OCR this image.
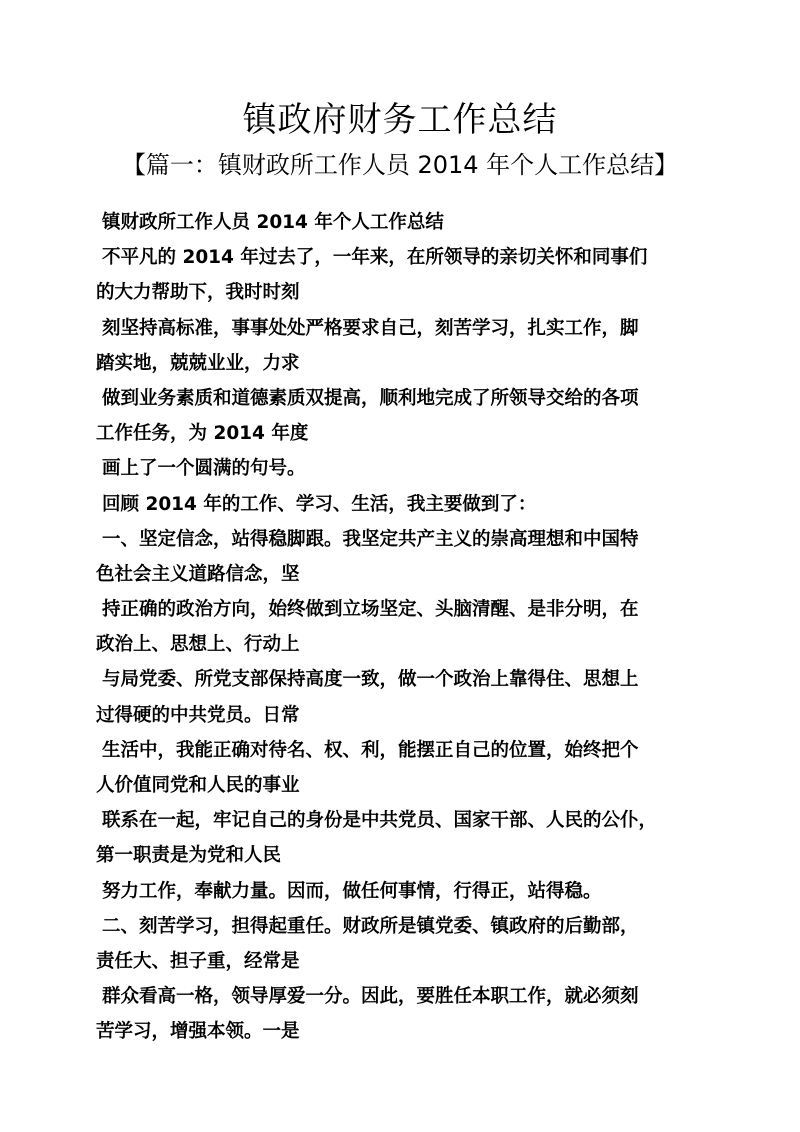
镇政府财务工作总结
【篇一：镇财政所工作人员 2014 年个人工作总结】
镇财政所工作人员 2014 年个人工作总结
不平凡的 2014 年过去了，一年来，在所领导的亲切关怀和同事们
的大力帮助下，我时时刻
刻坚持高标准，事事处处严格要求自己，刻苦学习，扎实工作，脚
踏实地，兢兢业业，力求
做到业务素质和道德素质双提高，顺利地完成了所领导交给的各项
工作任务，为 2014 年度
画上了一个圆满的句号。
回顾 2014 年的工作、学习、生活，我主要做到了：
一、坚定信念，站得稳脚跟。我坚定共产主义的崇高理想和中国特
色社会主义道路信念，坚
持正确的政治方向，始终做到立场坚定、头脑清醒、是非分明，在
政治上、思想上、行动上
与局党委、所党支部保持高度一致，做一个政治上靠得住、思想上
过得硬的中共党员。日常
生活中，我能正确对待名、权、利，能摆正自己的位置，始终把个
人价值同党和人民的事业
联系在一起，牢记自己的身份是中共党员、国家干部、人民的公仆，
第一职责是为党和人民
努力工作，奉献力量。因而，做任何事情，行得正，站得稳。
二、刻苦学习，担得起重任。财政所是镇党委、镇政府的后勤部，
责任大、担子重，经常是
群众看高一格，领导厚爱一分。因此，要胜任本职工作，就必须刻
苦学习，增强本领。一是
